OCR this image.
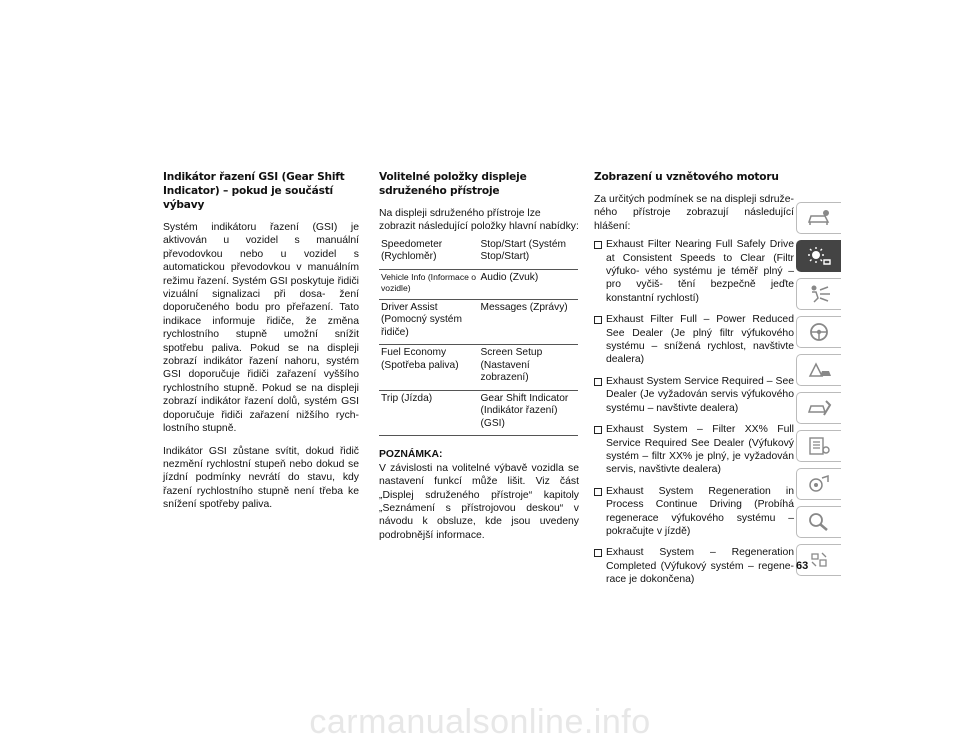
Indikátor řazení GSI (Gear Shift Indicator) – pokud je součástí výbavy

Systém indikátoru řazení (GSI) je aktivován u vozidel s manuální převodovkou nebo u vozidel s automatickou převodovkou v manuálním režimu řazení. Systém GSI poskytuje řidiči vizuální signalizaci při dosa- žení doporučeného bodu pro přeřazení. Tato indikace informuje řidiče, že změna rychlostního stupně umožní snížit spotřebu paliva. Pokud se na displeji zobrazí indikátor řazení nahoru, systém GSI doporučuje řidiči zařazení vyššího rychlostního stupně. Pokud se na displeji zobrazí indikátor řazení dolů, systém GSI doporučuje řidiči zařazení nižšího rych- lostního stupně.

Indikátor GSI zůstane svítit, dokud řidič nezmění rychlostní stupeň nebo dokud se jízdní podmínky nevrátí do stavu, kdy řazení rychlostního stupně není třeba ke snížení spotřeby paliva.

Volitelné položky displeje sdruženého přístroje

Na displeji sdruženého přístroje lze zobrazit následující položky hlavní nabídky:

Speedometer (Rychloměr)	Stop/Start (Systém Stop/Start)
Vehicle Info (Informace o vozidle)	Audio (Zvuk)
Driver Assist (Pomocný systém řidiče)	Messages (Zprávy)
Fuel Economy (Spotřeba paliva)	Screen Setup (Nastavení zobrazení)
Trip (Jízda)	Gear Shift Indicator (Indikátor řazení) (GSI)

POZNÁMKA:

V závislosti na volitelné výbavě vozidla se nastavení funkcí může lišit. Viz část „Displej sdruženého přístroje“ kapitoly „Seznámení s přístrojovou deskou“ v návodu k obsluze, kde jsou uvedeny podrobnější informace.

Zobrazení u vznětového motoru

Za určitých podmínek se na displeji sdruže- ného přístroje zobrazují následující hlášení:

Exhaust Filter Nearing Full Safely Drive at Consistent Speeds to Clear (Filtr výfuko- vého systému je téměř plný – pro vyčiš- tění bezpečně jeďte konstantní rychlostí)
Exhaust Filter Full – Power Reduced See Dealer (Je plný filtr výfukového systému – snížená rychlost, navštivte dealera)
Exhaust System Service Required – See Dealer (Je vyžadován servis výfukového systému – navštivte dealera)
Exhaust System – Filter XX% Full Service Required See Dealer (Výfukový systém – filtr XX% je plný, je vyžadován servis, navštivte dealera)
Exhaust System Regeneration in Process Continue Driving (Probíhá regenerace výfukového systému – pokračujte v jízdě)
Exhaust System – Regeneration Completed (Výfukový systém – regene- race je dokončena)
63
carmanualsonline.info
